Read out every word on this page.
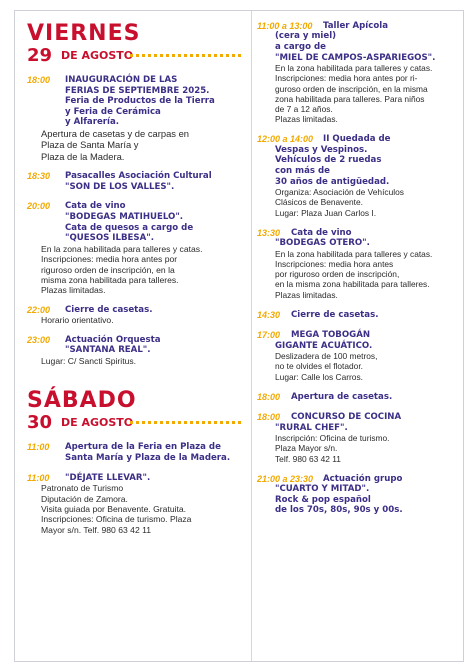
VIERNES
29 DE AGOSTO
18:00 INAUGURACIÓN DE LAS
FERIAS DE SEPTIEMBRE 2025.
Feria de Productos de la Tierra
y Feria de Cerámica
y Alfarería.
Apertura de casetas y de carpas en
Plaza de Santa María y
Plaza de la Madera.
18:30 Pasacalles Asociación Cultural
"SON DE LOS VALLES".
20:00 Cata de vino
"BODEGAS MATIHUELO".
Cata de quesos a cargo de
"QUESOS ILBESA".
En la zona habilitada para talleres y catas.
Inscripciones: media hora antes por
riguroso orden de inscripción, en la
misma zona habilitada para talleres.
Plazas limitadas.
22:00 Cierre de casetas.
Horario orientativo.
23:00 Actuación Orquesta
"SANTANA REAL".
Lugar: C/ Sancti Spiritus.
SÁBADO
30 DE AGOSTO
11:00 Apertura de la Feria en Plaza de
Santa María y Plaza de la Madera.
11:00 "DÉJATE LLEVAR".
Patronato de Turismo
Diputación de Zamora.
Visita guiada por Benavente. Gratuita.
Inscripciones: Oficina de turismo. Plaza
Mayor s/n. Telf. 980 63 42 11
11:00 a 13:00	Taller Apícola
(cera y miel)
a cargo de
"MIEL DE CAMPOS-ASPARIEGOS".
En la zona habilitada para talleres y catas.
Inscripciones: media hora antes por ri-
guroso orden de inscripción, en la misma
zona habilitada para talleres. Para niños
de 7 a 12 años.
Plazas limitadas.
12:00 a 14:00	II Quedada de
Vespas y Vespinos.
Vehículos de 2 ruedas
con más de
30 años de antigüedad.
Organiza: Asociación de Vehículos
Clásicos de Benavente.
Lugar: Plaza Juan Carlos I.
13:30	Cata de vino
"BODEGAS OTERO".
En la zona habilitada para talleres y catas.
Inscripciones: media hora antes
por riguroso orden de inscripción,
en la misma zona habilitada para talleres.
Plazas limitadas.
14:30	Cierre de casetas.
17:00	MEGA TOBOGÁN
GIGANTE ACUÁTICO.
Deslizadera de 100 metros,
no te olvides el flotador.
Lugar: Calle los Carros.
18:00	Apertura de casetas.
18:00	CONCURSO DE COCINA
"RURAL CHEF".
Inscripción: Oficina de turismo.
Plaza Mayor s/n.
Telf. 980 63 42 11
21:00 a 23:30	Actuación grupo
"CUARTO Y MITAD".
Rock & pop español
de los 70s, 80s, 90s y 00s.
